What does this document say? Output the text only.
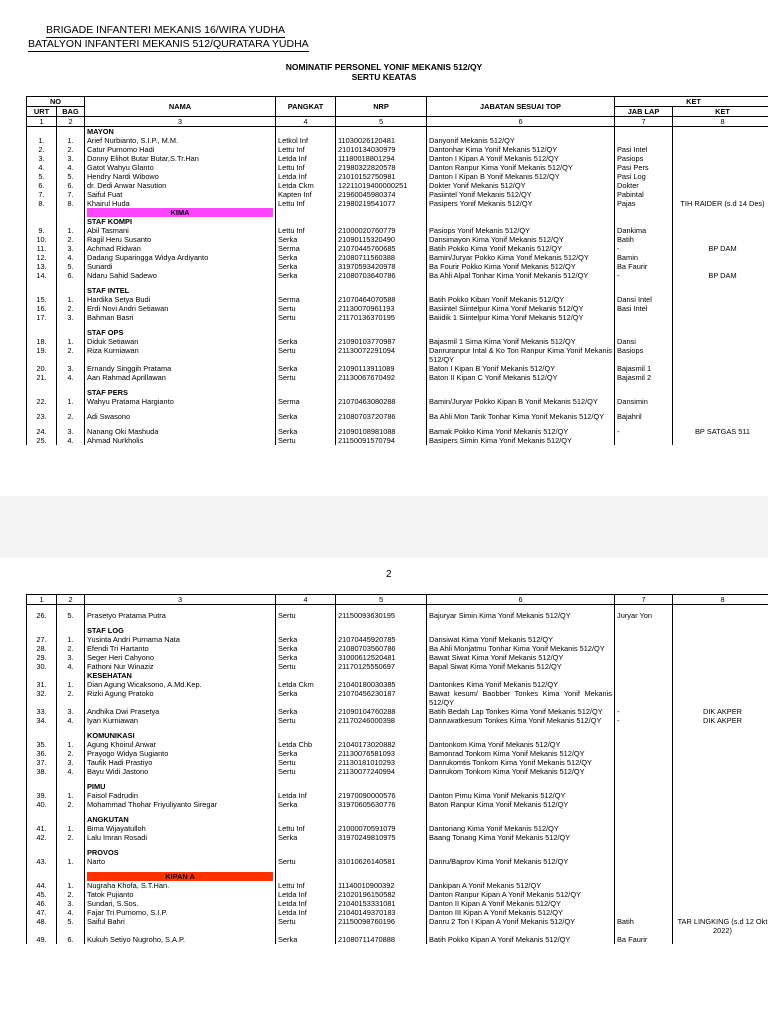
BRIGADE INFANTERI MEKANIS 16/WIRA YUDHA
BATALYON INFANTERI MEKANIS 512/QURATARA YUDHA
NOMINATIF PERSONEL YONIF MEKANIS 512/QY
SERTU KEATAS
NO		NAMA	PANGKAT	NRP	JABATAN SESUAI TOP	KET	
URT	BAG					JAB LAP	KET
1	2	3	4	5	6	7	8
		MAYON					
1.	1.	Arief Nurbianto, S.I.P., M.M.	Letkol Inf	11030026120481	Danyonif Mekanis 512/QY		
2.	2.	Catur Purnomo Hadi	Lettu Inf	21010134030979	Dantonhar Kima Yonif Mekanis 512/QY	Pasi Intel	
3.	3.	Donny Elihot Butar Butar,S.Tr.Han	Letda Inf	11180018801294	Danton I Kipan A Yonif Mekanis 512/QY	Pasiops	
4.	4.	Gatot Wahyu Glanto	Lettu Inf	21980322820578	Danton Ranpur Kima Yonif Mekanis 512/QY	Pasi Pers	
5.	5.	Hendry Nardi Wibowo	Letda Inf	21010152750981	Danton I Kipan B Yonif Mekanis 512/QY	Pasi Log	
6.	6.	dr. Dedi Anwar Nasution	Letda Ckm	12211019400000251	Dokter Yonif Mekanis 512/QY	Dokter	
7.	7.	Saiful Fuat	Kapten Inf	21960045980374	Pasiintel Yonif Mekanis 512/QY	Pabintal	
8.	8.	Khairul Huda	Lettu Inf	21980219541077	Pasipers Yonif Mekanis 512/QY	Pajas	TIH RAIDER (s.d 14 Des)
		KIMA					
		STAF KOMPI					
9.	1.	Abil Tasmani	Lettu Inf	21000020760779	Pasiops Yonif Mekanis 512/QY	Dankima	
10.	2.	Ragil Heru Susanto	Serka	21090115320490	Dansimayon Kima Yonif Mekanis 512/QY	Batih	
11.	3.	Achmad Ridwan	Serma	21070445760685	Batih Pokko Kima Yonif Mekanis 512/QY	-	BP DAM
12.	4.	Dadang Suparingga Widya Ardiyanto	Serka	21080711560388	Bamin/Juryar Pokko Kima Yonif Mekanis 512/QY	Bamin	
13.	5.	Sunardi	Serka	31970593420978	Ba Fourir Pokko Kima Yonif Mekanis 512/QY	Ba Faurir	
14.	6.	Ndaru Sahid Sadewo	Serka	21080703640786	Ba Ahli Alpal Tonhar Kima Yonif Mekanis 512/QY	-	BP DAM

		STAF INTEL					
15.	1.	Hardika Setya Budi	Serma	21070464070588	Batih Pokko Kiban Yonif Mekanis 512/QY	Dansi Intel	
16.	2.	Erdi Novi Andri Setiawan	Sertu	21130070961193	Basiintel Siintelpur Kima Yonif Mekanis 512/QY	Basi Intel	
17.	3.	Bahman Basri	Sertu	21170136370195	Baiidik 1 Siintelpur Kima Yonif Mekanis 512/QY		

		STAF OPS					
18.	1.	Diduk Setiawan	Serka	21090103770987	Bajasmil 1 Sima Kima Yonif Mekanis 512/QY	Dansi	
19.	2.	Riza Kurniawan	Sertu	21130072291094	Danruranpur Intal & Ko Ton Ranpur Kima Yonif Mekanis 512/QY	Basiops	
20.	3.	Ernandy Singgih Pratama	Serka	21090113911089	Baton I Kipan B Yonif Mekanis 512/QY	Bajasmil 1	
21.	4.	Aan Rahmad Aprillawan	Sertu	21130067670492	Baton II Kipan C Yonif Mekanis 512/QY	Bajasmil 2	

		STAF PERS					
22.	1.	Wahyu Pratama Hargianto	Serma	21070463080288	Bamin/Juryar Pokko Kipan B Yonif Mekanis 512/QY	Dansimin	

23.	2.	Adi Swasono	Serka	21080703720786	Ba Ahli Mon Tank Tonhar Kima Yonif Mekanis 512/QY	Bajahril	

24.	3.	Nanang Oki Mashuda	Serka	21090108981088	Bamak Pokko Kima Yonif Mekanis 512/QY	-	BP SATGAS 511
25.	4.	Ahmad Nurkholis	Sertu	21150091570794	Basipers Simin Kima Yonif Mekanis 512/QY		
1	2	3	4	5	6	7	8

26.	5.	Prasetyo Pratama Putra	Sertu	21150093630195	Bajuryar Simin Kima Yonif Mekanis 512/QY	Juryar Yon	

		STAF LOG					
27.	1.	Yusinta Andri Purnama Nata	Serka	21070445920785	Dansiwat Kima Yonif Mekanis 512/QY		
28.	2.	Efendi Tri Hartanto	Serka	21080703560786	Ba Ahli Monjatmu Tonhar Kima Yonif Mekanis 512/QY		
29.	3.	Seger Heri Cahyono	Serka	31000612520481	Bawat Siwat Kima Yonif Mekanis 512/QY		
30.	4.	Fathoni Nur Winaziz	Sertu	21170125550697	Bapal Siwat Kima Yonif Mekanis 512/QY		
		KESEHATAN					
31.	1.	Dian Agung Wicaksono, A.Md.Kep.	Letda Ckm	21040180030385	Dantonkes Kima Yonif Mekanis 512/QY		
32.	2.	Rizki Agung Pratoko	Serka	21070456230187	Bawat kesum/ Baobber Tonkes Kima Yonif Mekanis 512/QY		
33.	3.	Andhika Dwi Prasetya	Serka	21090104760288	Batih Bedah Lap Tonkes Kima Yonif Mekanis 512/QY	-	DIK AKPER
34.	4.	Iyan Kurniawan	Sertu	21170246000398	Danruwatkesum Tonkes Kima Yonif Mekanis 512/QY	-	DIK AKPER

		KOMUNIKASI					
35.	1.	Agung Khoirul Anwar	Letda Chb	21040173020882	Dantonkom Kima Yonif Mekanis 512/QY		
36.	2.	Prayogo Widya Sugianto	Serka	21130076581093	Bamonrad Tonkom Kima Yonif Mekanis 512/QY		
37.	3.	Taufik Hadi Prastiyo	Sertu	21130181010293	Danrukomtis Tonkom Kima Yonif Mekanis 512/QY		
38.	4.	Bayu Widi Jastono	Sertu	21130077240994	Danrukom Tonkom Kima Yonif Mekanis 512/QY		

		PIMU					
39.	1.	Faisol Fadrudin	Letda Inf	21970090000576	Danton Pimu Kima Yonif Mekanis 512/QY		
40.	2.	Mohammad Thohar Friyuliyanto Siregar	Serka	31970605630776	Baton Ranpur Kima Yonif Mekanis 512/QY		

		ANGKUTAN					
41.	1.	Bima Wijayatulloh	Lettu Inf	21000070591079	Dantonang Kima Yonif Mekanis 512/QY		
42.	2.	Lalu Imran Rosadi	Serka	31970249810975	Baang Tonang Kima Yonif Mekanis 512/QY		

		PROVOS					
43.	1.	Narto	Sertu	31010626140581	Danru/Baprov Kima Yonif Mekanis 512/QY		

		KIPAN A					
44.	1.	Nugraha Khofa, S.T.Han.	Lettu Inf	11140010900392	Dankipan A Yonif Mekanis 512/QY		
45.	2.	Tatok Pujianto	Letda Inf	21020196150582	Danton Ranpur Kipan A Yonif Mekanis 512/QY		
46.	3.	Sundari, S.Sos.	Letda Inf	21040153331081	Danton II Kipan A Yonif Mekanis 512/QY		
47.	4.	Fajar Tri Purnomo, S.I.P.	Letda Inf	21040149370183	Danton III Kipan A Yonif Mekanis 512/QY		
48.	5.	Saiful Bahri	Sertu	21150098760196	Danru 2 Ton I Kipan A Yonif Mekanis 512/QY	Batih	TAR LINGKING (s.d 12 Okt 2022)
49.	6.	Kukuh Setiyo Nugroho, S.A.P.	Serka	21080711470888	Batih Pokko Kipan A Yonif Mekanis 512/QY	Ba Faurir	
2
